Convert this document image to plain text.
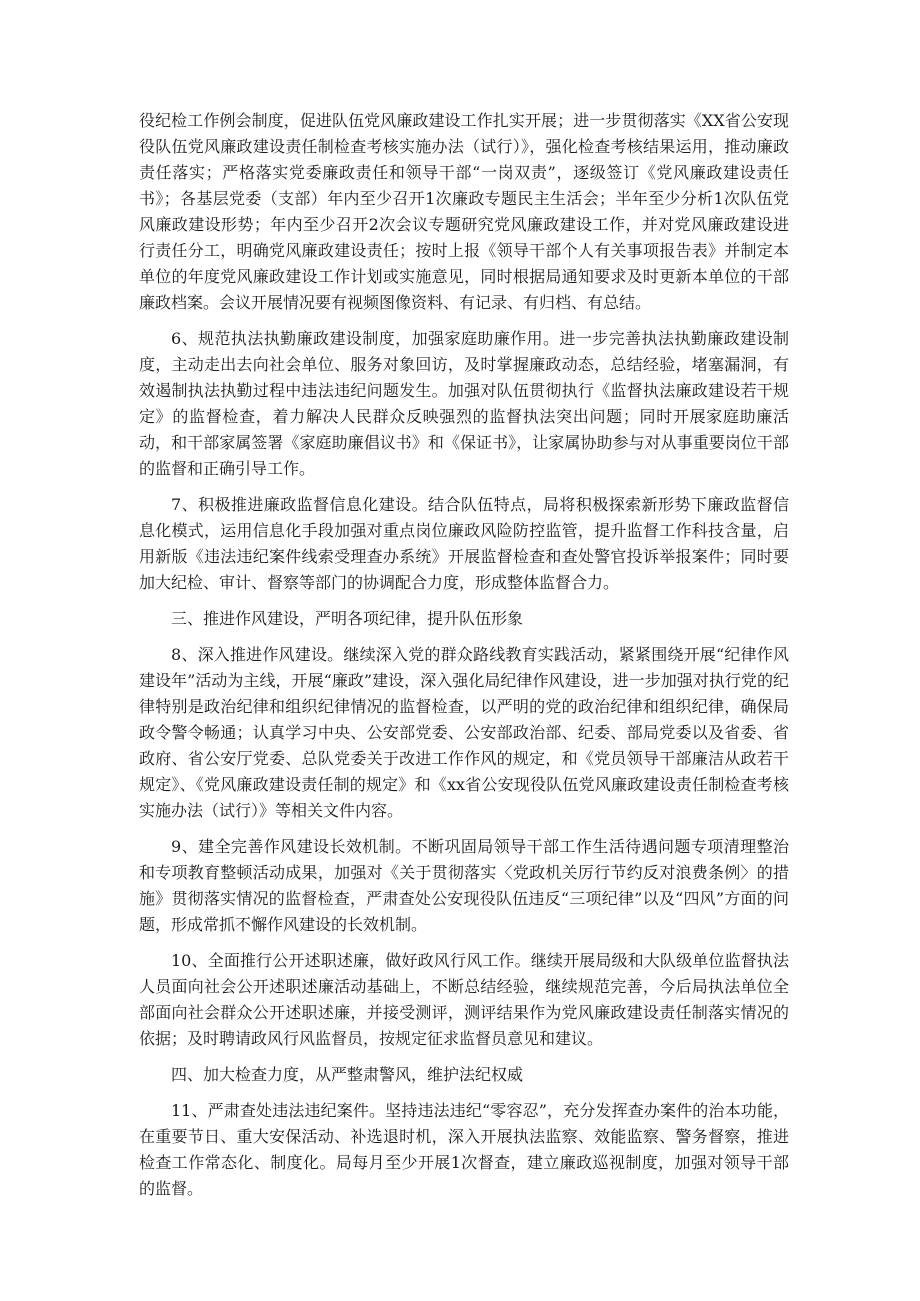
役纪检工作例会制度，促进队伍党风廉政建设工作扎实开展；进一步贯彻落实《XX省公安现役队伍党风廉政建设责任制检查考核实施办法（试行）》，强化检查考核结果运用，推动廉政责任落实；严格落实党委廉政责任和领导干部“一岗双责”，逐级签订《党风廉政建设责任书》；各基层党委（支部）年内至少召开1次廉政专题民主生活会；半年至少分析1次队伍党风廉政建设形势；年内至少召开2次会议专题研究党风廉政建设工作，并对党风廉政建设进行责任分工，明确党风廉政建设责任；按时上报《领导干部个人有关事项报告表》并制定本单位的年度党风廉政建设工作计划或实施意见，同时根据局通知要求及时更新本单位的干部廉政档案。会议开展情况要有视频图像资料、有记录、有归档、有总结。

6、规范执法执勤廉政建设制度，加强家庭助廉作用。进一步完善执法执勤廉政建设制度，主动走出去向社会单位、服务对象回访，及时掌握廉政动态，总结经验，堵塞漏洞，有效遏制执法执勤过程中违法违纪问题发生。加强对队伍贯彻执行《监督执法廉政建设若干规定》的监督检查，着力解决人民群众反映强烈的监督执法突出问题；同时开展家庭助廉活动，和干部家属签署《家庭助廉倡议书》和《保证书》，让家属协助参与对从事重要岗位干部的监督和正确引导工作。

7、积极推进廉政监督信息化建设。结合队伍特点，局将积极探索新形势下廉政监督信息化模式，运用信息化手段加强对重点岗位廉政风险防控监管，提升监督工作科技含量，启用新版《违法违纪案件线索受理查办系统》开展监督检查和查处警官投诉举报案件；同时要加大纪检、审计、督察等部门的协调配合力度，形成整体监督合力。

三、推进作风建设，严明各项纪律，提升队伍形象

8、深入推进作风建设。继续深入党的群众路线教育实践活动，紧紧围绕开展“纪律作风建设年”活动为主线，开展“廉政”建设，深入强化局纪律作风建设，进一步加强对执行党的纪律特别是政治纪律和组织纪律情况的监督检查，以严明的党的政治纪律和组织纪律，确保局政令警令畅通；认真学习中央、公安部党委、公安部政治部、纪委、部局党委以及省委、省政府、省公安厅党委、总队党委关于改进工作作风的规定，和《党员领导干部廉洁从政若干规定》、《党风廉政建设责任制的规定》和《xx省公安现役队伍党风廉政建设责任制检查考核实施办法（试行）》等相关文件内容。

9、建全完善作风建设长效机制。不断巩固局领导干部工作生活待遇问题专项清理整治和专项教育整顿活动成果，加强对《关于贯彻落实〈党政机关厉行节约反对浪费条例〉的措施》贯彻落实情况的监督检查，严肃查处公安现役队伍违反“三项纪律”以及“四风”方面的问题，形成常抓不懈作风建设的长效机制。

10、全面推行公开述职述廉，做好政风行风工作。继续开展局级和大队级单位监督执法人员面向社会公开述职述廉活动基础上，不断总结经验，继续规范完善，今后局执法单位全部面向社会群众公开述职述廉，并接受测评，测评结果作为党风廉政建设责任制落实情况的依据；及时聘请政风行风监督员，按规定征求监督员意见和建议。

四、加大检查力度，从严整肃警风，维护法纪权威

11、严肃查处违法违纪案件。坚持违法违纪“零容忍”，充分发挥查办案件的治本功能，在重要节日、重大安保活动、补选退时机，深入开展执法监察、效能监察、警务督察，推进检查工作常态化、制度化。局每月至少开展1次督查，建立廉政巡视制度，加强对领导干部的监督。
